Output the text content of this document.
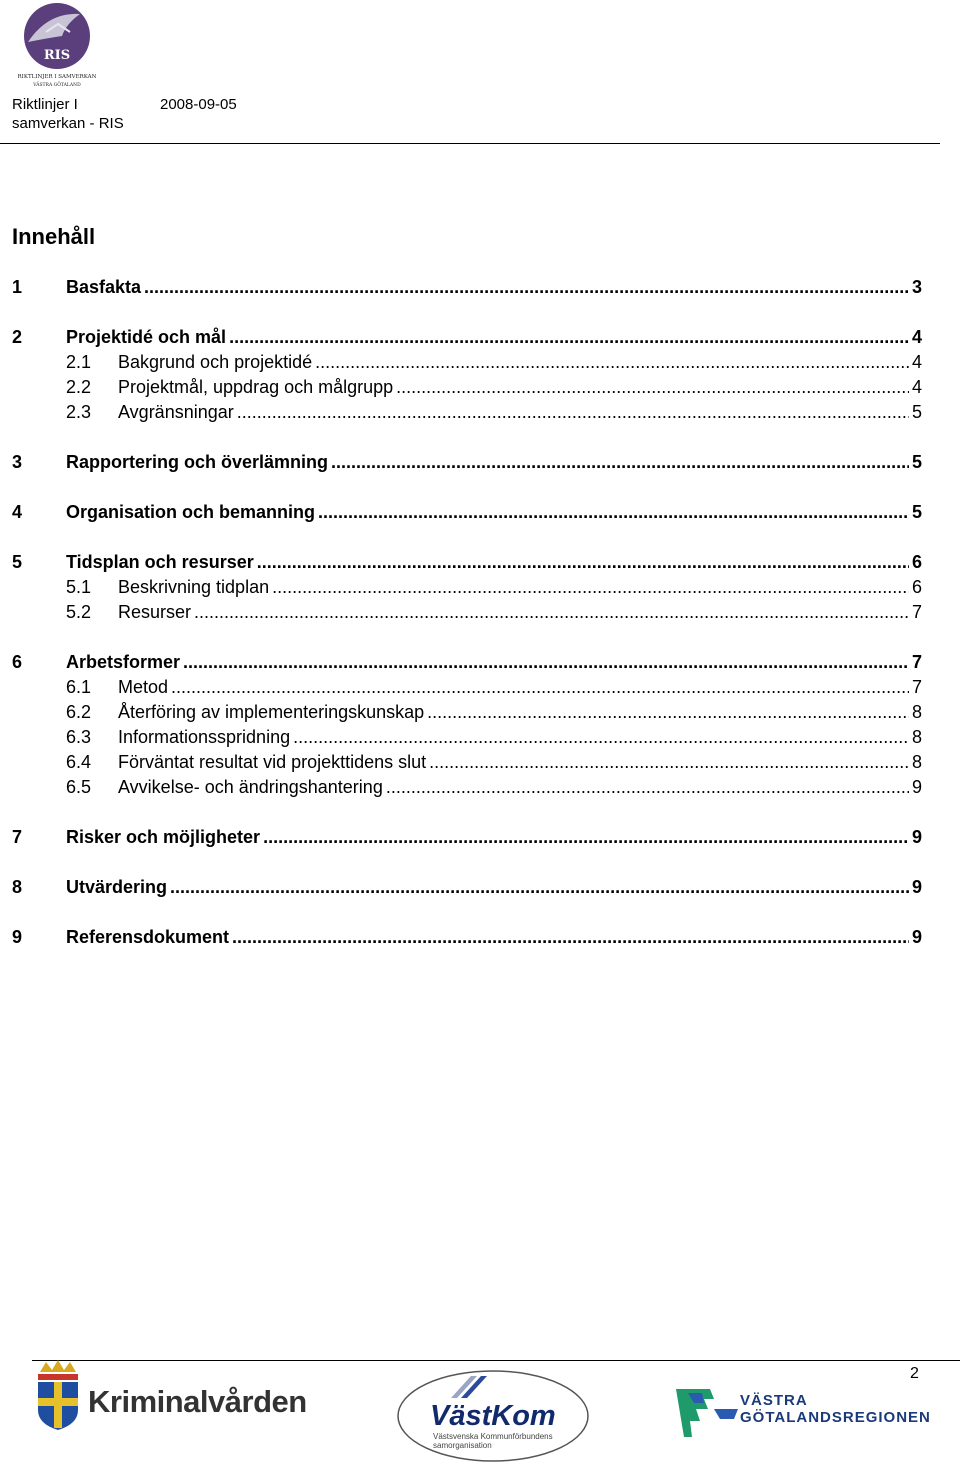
RIS
RIKTLINJER I SAMVERKAN
VÄSTRA GÖTALAND
Riktlinjer I
samverkan - RIS
2008-09-05
Innehåll
1	Basfakta .....	3
2	Projektidé och mål .....	4
2.1	Bakgrund och projektidé .....	4
2.2	Projektmål, uppdrag och målgrupp .....	4
2.3	Avgränsningar .....	5
3	Rapportering och överlämning .....	5
4	Organisation och bemanning .....	5
5	Tidsplan och resurser .....	6
5.1	Beskrivning tidplan .....	6
5.2	Resurser .....	7
6	Arbetsformer .....	7
6.1	Metod .....	7
6.2	Återföring av implementeringskunskap .....	8
6.3	Informationsspridning .....	8
6.4	Förväntat resultat vid projekttidens slut .....	8
6.5	Avvikelse- och ändringshantering .....	9
7	Risker och möjligheter .....	9
8	Utvärdering .....	9
9	Referensdokument .....	9
2
Kriminalvården	VästKom
Västsvenska Kommunförbundens samorganisation
VÄSTRA
GÖTALANDSREGIONEN
